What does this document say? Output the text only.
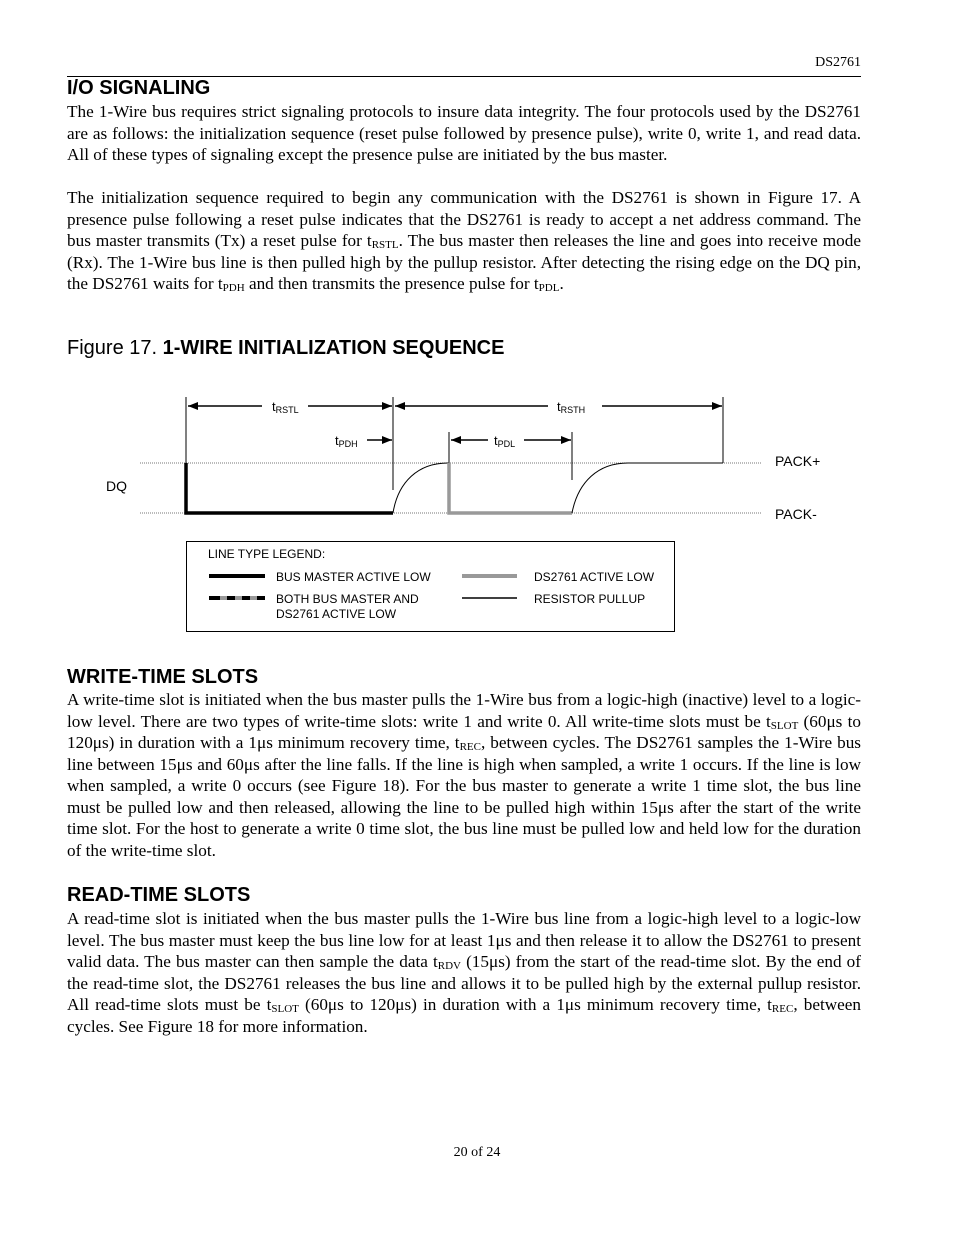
DS2761
I/O SIGNALING
The 1-Wire bus requires strict signaling protocols to insure data integrity. The four protocols used by the DS2761 are as follows: the initialization sequence (reset pulse followed by presence pulse), write 0, write 1, and read data. All of these types of signaling except the presence pulse are initiated by the bus master.
The initialization sequence required to begin any communication with the DS2761 is shown in Figure 17. A presence pulse following a reset pulse indicates that the DS2761 is ready to accept a net address command. The bus master transmits (Tx) a reset pulse for $t_{RSTL}$. The bus master then releases the line and goes into receive mode (Rx). The 1-Wire bus line is then pulled high by the pullup resistor. After detecting the rising edge on the DQ pin, the DS2761 waits for $t_{PDH}$ and then transmits the presence pulse for $t_{PDL}$.
Figure 17. 1-WIRE INITIALIZATION SEQUENCE
tRSTL	tRSTH
tPDH	tPDL
DQ
PACK+
PACK-
LINE TYPE LEGEND:
BUS MASTER ACTIVE LOW	DS2761 ACTIVE LOW
BOTH BUS MASTER AND
DS2761 ACTIVE LOW
RESISTOR PULLUP
WRITE-TIME SLOTS
A write-time slot is initiated when the bus master pulls the 1-Wire bus from a logic-high (inactive) level to a logic-low level. There are two types of write-time slots: write 1 and write 0. All write-time slots must be $t_{SLOT}$ (60μs to 120μs) in duration with a 1μs minimum recovery time, $t_{REC}$, between cycles. The DS2761 samples the 1-Wire bus line between 15μs and 60μs after the line falls. If the line is high when sampled, a write 1 occurs. If the line is low when sampled, a write 0 occurs (see Figure 18). For the bus master to generate a write 1 time slot, the bus line must be pulled low and then released, allowing the line to be pulled high within 15μs after the start of the write time slot. For the host to generate a write 0 time slot, the bus line must be pulled low and held low for the duration of the write-time slot.
READ-TIME SLOTS
A read-time slot is initiated when the bus master pulls the 1-Wire bus line from a logic-high level to a logic-low level. The bus master must keep the bus line low for at least 1μs and then release it to allow the DS2761 to present valid data. The bus master can then sample the data $t_{RDV}$ (15μs) from the start of the read-time slot. By the end of the read-time slot, the DS2761 releases the bus line and allows it to be pulled high by the external pullup resistor. All read-time slots must be $t_{SLOT}$ (60μs to 120μs) in duration with a 1μs minimum recovery time, $t_{REC}$, between cycles. See Figure 18 for more information.
20 of 24
